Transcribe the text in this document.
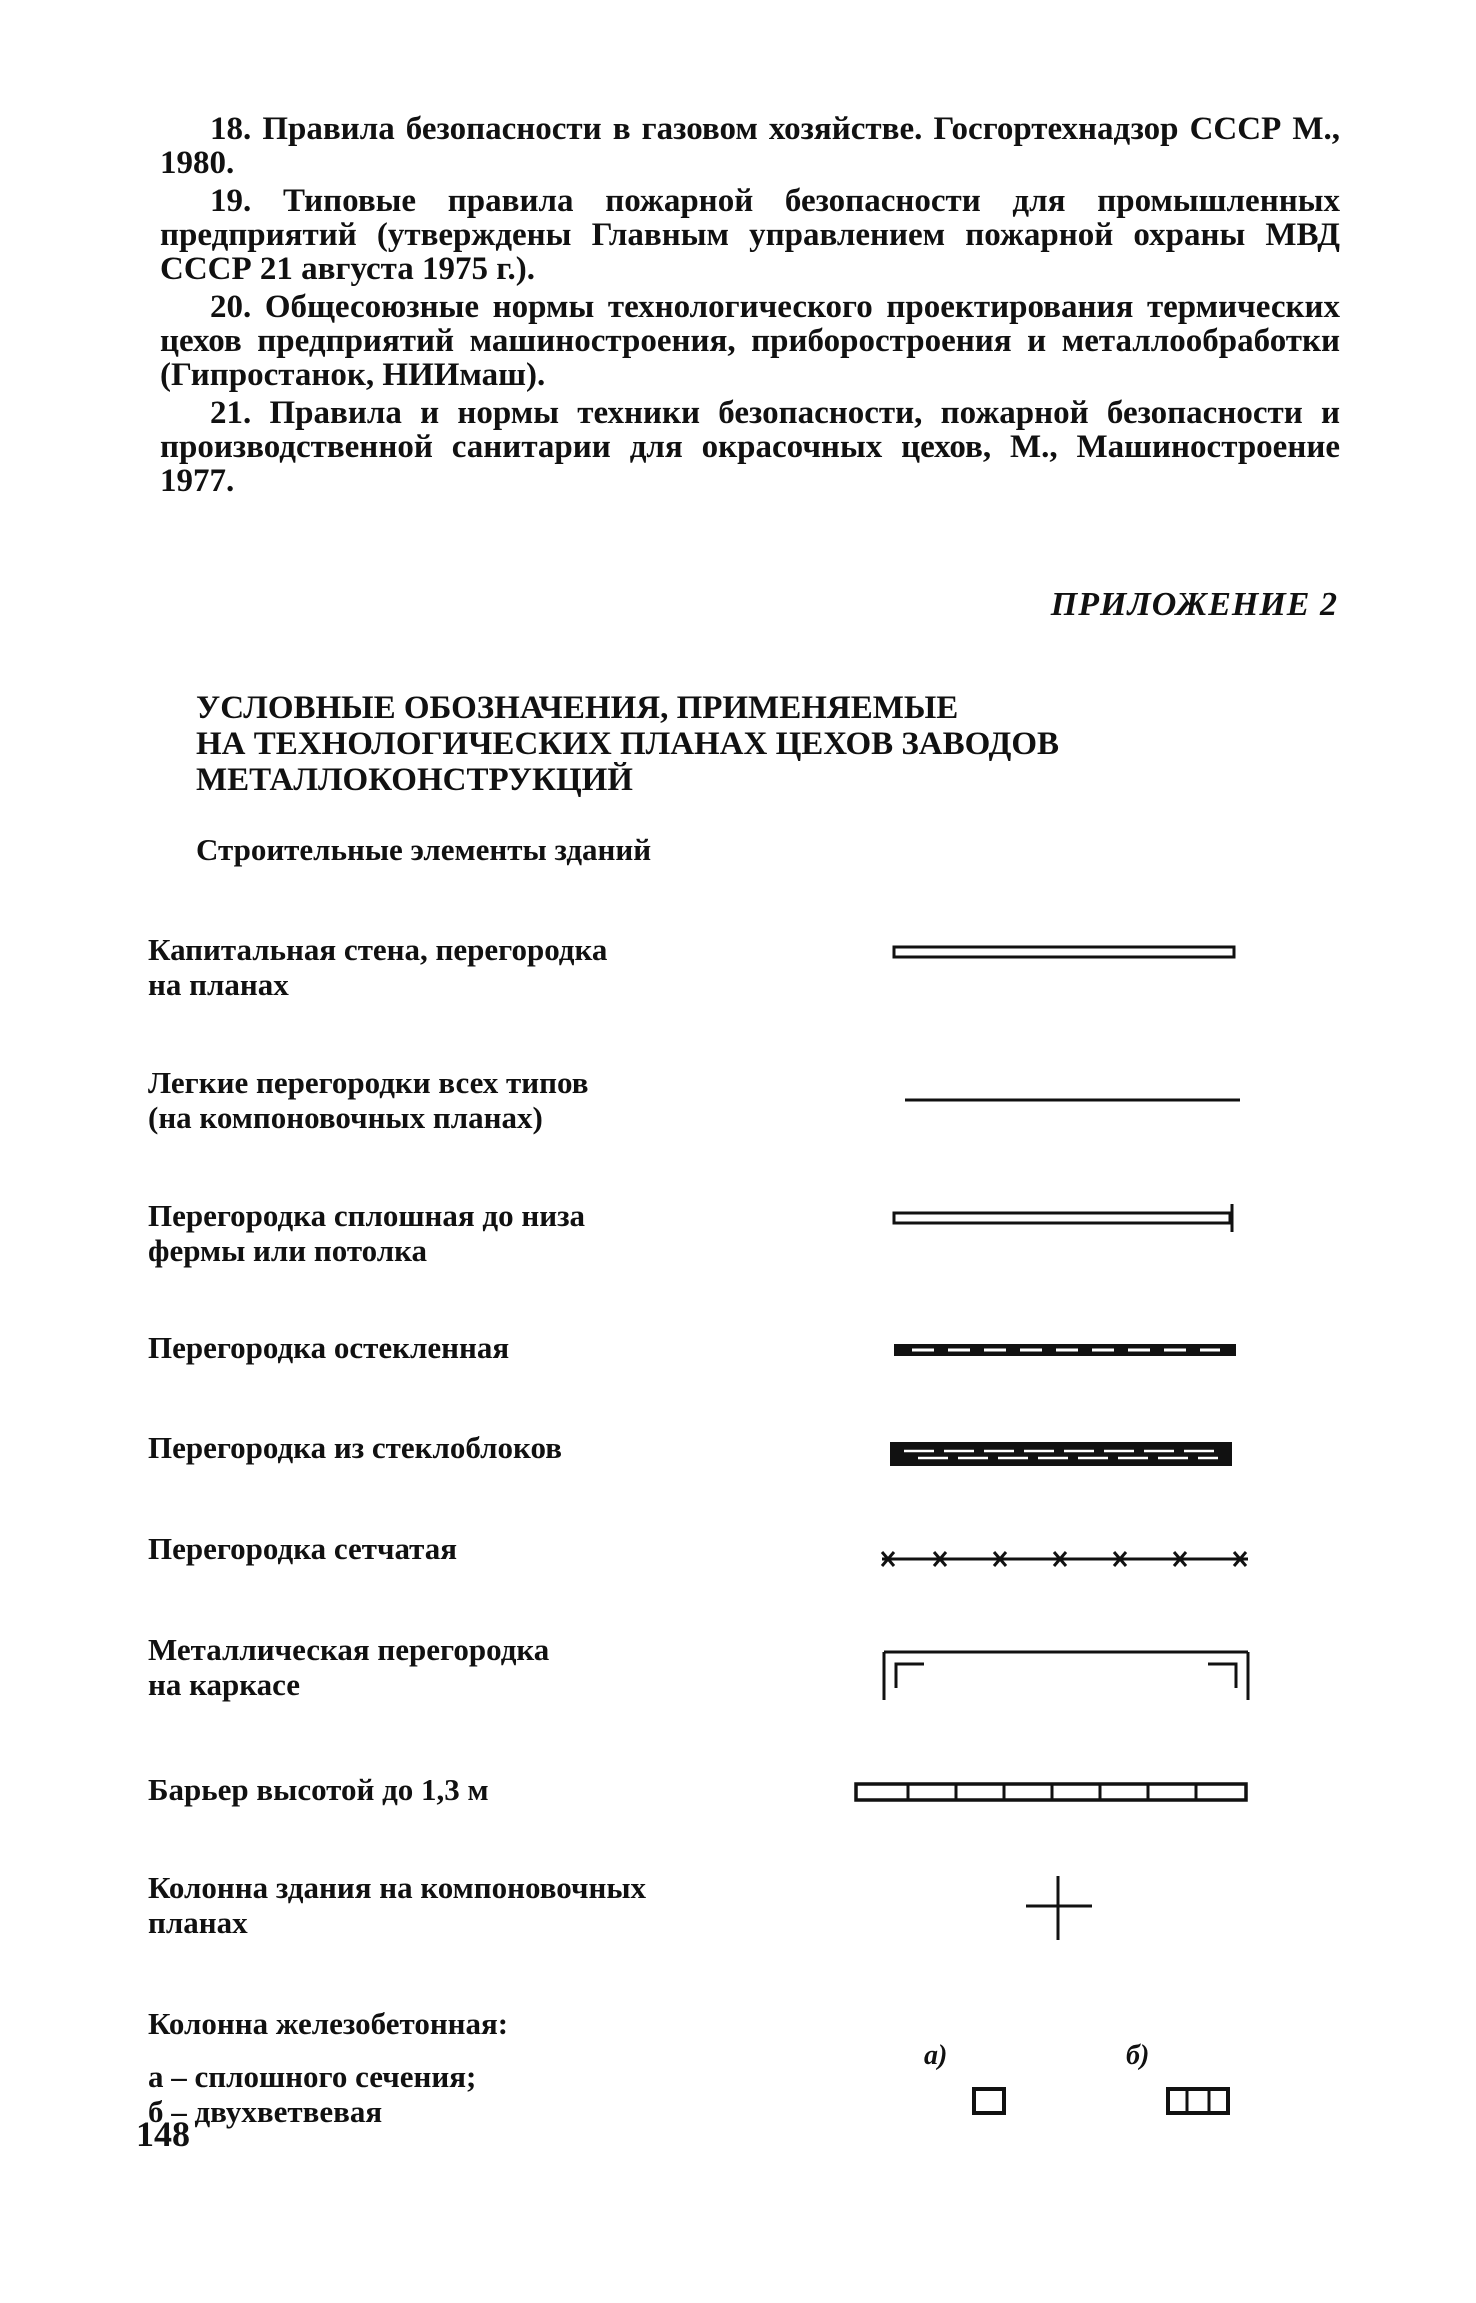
18. Правила безопасности в газовом хозяйстве. Госгортехнадзор СССР М., 1980.

19. Типовые правила пожарной безопасности для промышленных предприятий (утверждены Главным управлением пожарной охраны МВД СССР 21 августа 1975 г.).

20. Общесоюзные нормы технологического проектирования термических цехов предприятий машиностроения, приборостроения и металлообработки (Гипростанок, НИИмаш).

21. Правила и нормы техники безопасности, пожарной безопасности и производственной санитарии для окрасочных цехов, М., Машиностроение 1977.

ПРИЛОЖЕНИЕ 2
УСЛОВНЫЕ ОБОЗНАЧЕНИЯ, ПРИМЕНЯЕМЫЕ
НА ТЕХНОЛОГИЧЕСКИХ ПЛАНАХ ЦЕХОВ ЗАВОДОВ
МЕТАЛЛОКОНСТРУКЦИЙ
Строительные элементы зданий
Капитальная стена, перегородка
на планах
Легкие перегородки всех типов
(на компоновочных планах)
Перегородка сплошная до низа
фермы или потолка
Перегородка остекленная
Перегородка из стеклоблоков
Перегородка сетчатая
Металлическая перегородка
на каркасе
Барьер высотой до 1,3 м
Колонна здания на компоновочных
планах
Колонна железобетонная:
а – сплошного сечения;
б – двухветвевая
а)	б)
148
